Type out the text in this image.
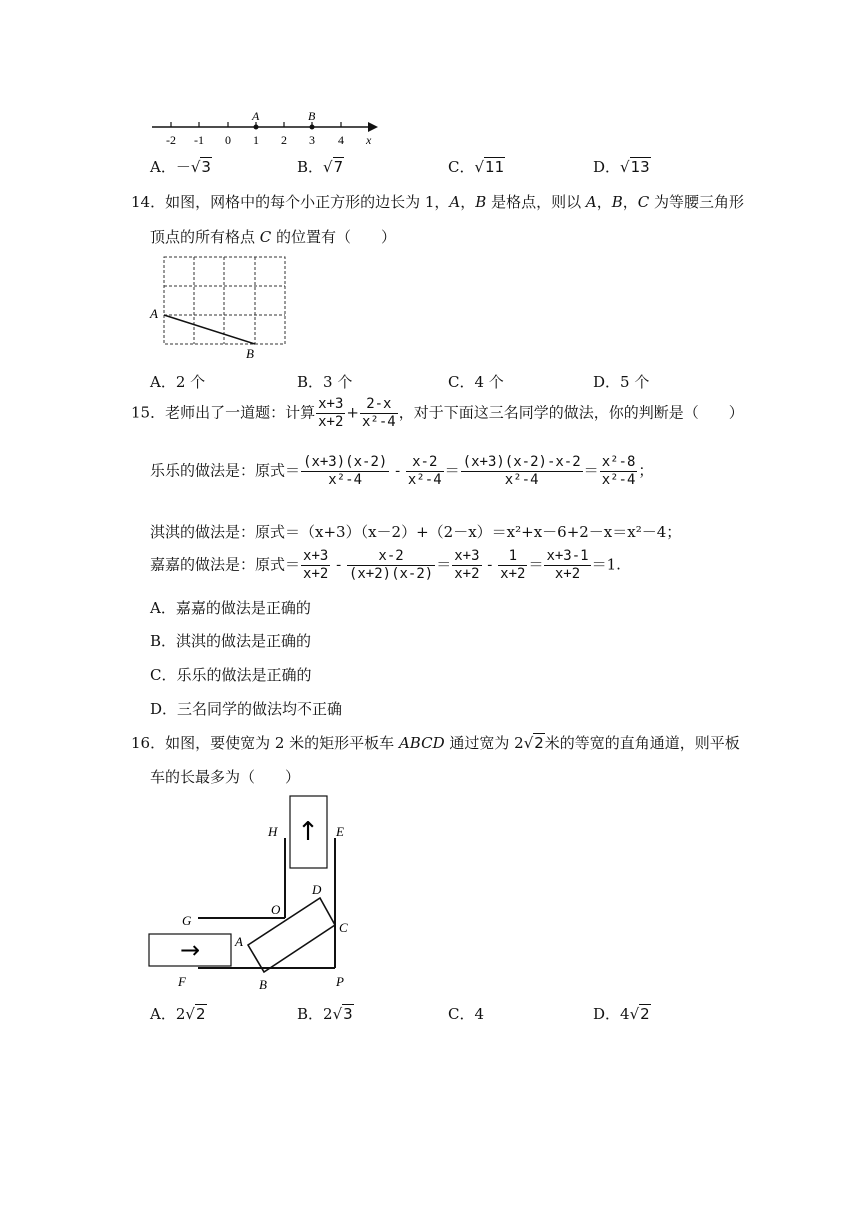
A	B
-2 -1 0 1 2 3 4 x
A．－√3	B．√7	C．√11	D．√13
14．如图，网格中的每个小正方形的边长为 1，A，B 是格点，则以 A，B，C 为等腰三角形
顶点的所有格点 C 的位置有（　　）
A
B
A．2 个	B．3 个	C．4 个	D．5 个
15．老师出了一道题：计算 $\frac{x+3}{x+2} + \frac{2-x}{\text{x²-4}}$ ，对于下面这三名同学的做法，你的判断是（　　）
乐乐的做法是：原式＝ $\frac{(x+3)(x-2)}{\text{x²-4}} - \frac{x-2}{\text{x²-4}} = \frac{(x+3)(x-2)-x-2}{\text{x²-4}} = \frac{\text{x²-8}}{\text{x²-4}}$ ；
淇淇的做法是：原式＝（x+3）（x－2）+（2－x）＝x²+x－6+2－x＝x²－4；
嘉嘉的做法是：原式＝ $\frac{x+3}{x+2} - \frac{x-2}{(x+2)(x-2)} = \frac{x+3}{x+2} - \frac{1}{x+2} = \frac{x+3-1}{x+2} =1$.
A．嘉嘉的做法是正确的
B．淇淇的做法是正确的
C．乐乐的做法是正确的
D．三名同学的做法均不正确
16．如图，要使宽为 2 米的矩形平板车 ABCD 通过宽为 2√2米的等宽的直角通道，则平板
车的长最多为（　　）
↑
→
H	E
D
O
G	C
A
F	B	P
A．2√2	B．2√3	C．4	D．4√2
